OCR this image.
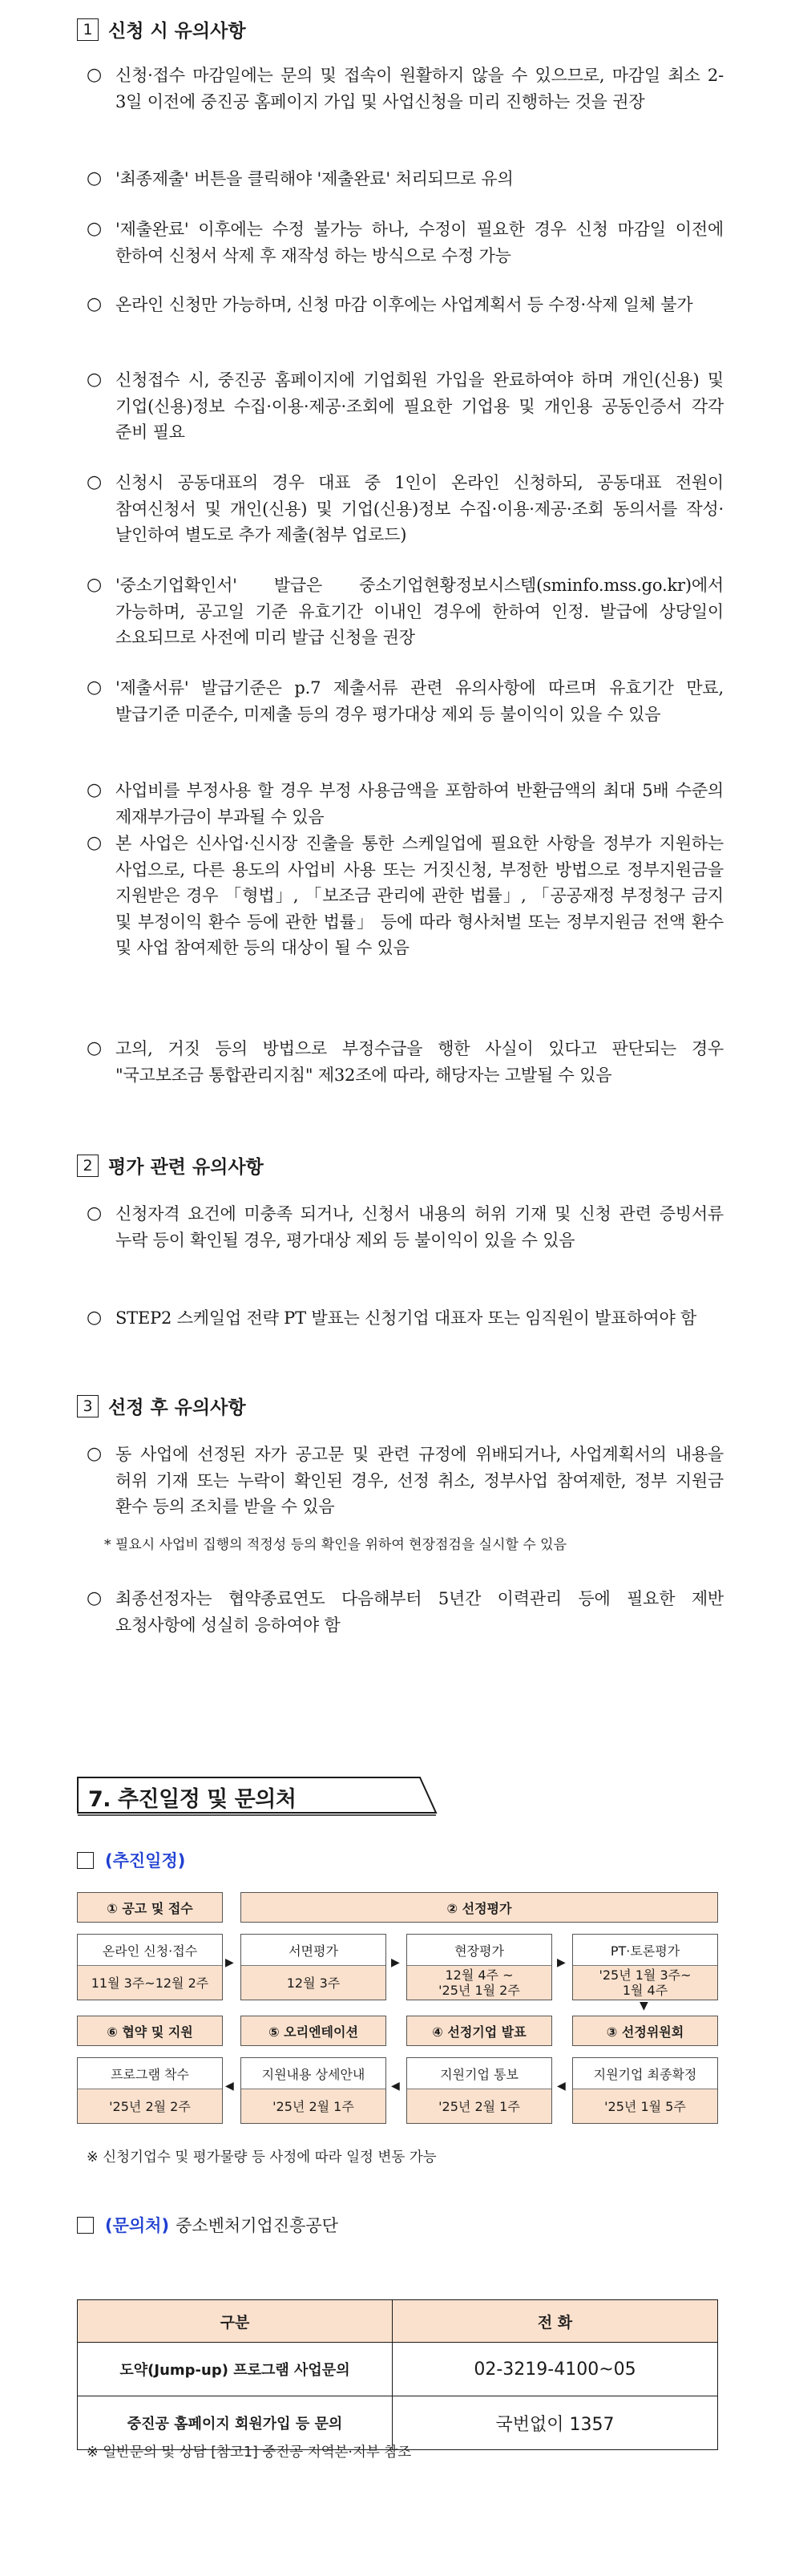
1 신청 시 유의사항
○ 신청·접수 마감일에는 문의 및 접속이 원활하지 않을 수 있으므로, 마감일 최소 2-3일 이전에 중진공 홈페이지 가입 및 사업신청을 미리 진행하는 것을 권장
○ '최종제출' 버튼을 클릭해야 '제출완료' 처리되므로 유의
○ '제출완료' 이후에는 수정 불가능 하나, 수정이 필요한 경우 신청 마감일 이전에 한하여 신청서 삭제 후 재작성 하는 방식으로 수정 가능
○ 온라인 신청만 가능하며, 신청 마감 이후에는 사업계획서 등 수정·삭제 일체 불가
○ 신청접수 시, 중진공 홈페이지에 기업회원 가입을 완료하여야 하며 개인(신용) 및 기업(신용)정보 수집·이용·제공·조회에 필요한 기업용 및 개인용 공동인증서 각각 준비 필요
○ 신청시 공동대표의 경우 대표 중 1인이 온라인 신청하되, 공동대표 전원이 참여신청서 및 개인(신용) 및 기업(신용)정보 수집·이용·제공·조회 동의서를 작성·날인하여 별도로 추가 제출(첨부 업로드)
○ '중소기업확인서' 발급은 중소기업현황정보시스템(sminfo.mss.go.kr)에서 가능하며, 공고일 기준 유효기간 이내인 경우에 한하여 인정. 발급에 상당일이 소요되므로 사전에 미리 발급 신청을 권장
○ '제출서류' 발급기준은 p.7 제출서류 관련 유의사항에 따르며 유효기간 만료, 발급기준 미준수, 미제출 등의 경우 평가대상 제외 등 불이익이 있을 수 있음
○ 사업비를 부정사용 할 경우 부정 사용금액을 포함하여 반환금액의 최대 5배 수준의 제재부가금이 부과될 수 있음
○ 본 사업은 신사업·신시장 진출을 통한 스케일업에 필요한 사항을 정부가 지원하는 사업으로, 다른 용도의 사업비 사용 또는 거짓신청, 부정한 방법으로 정부지원금을 지원받은 경우 「형법」, 「보조금 관리에 관한 법률」, 「공공재정 부정청구 금지 및 부정이익 환수 등에 관한 법률」 등에 따라 형사처벌 또는 정부지원금 전액 환수 및 사업 참여제한 등의 대상이 될 수 있음
○ 고의, 거짓 등의 방법으로 부정수급을 행한 사실이 있다고 판단되는 경우 "국고보조금 통합관리지침" 제32조에 따라, 해당자는 고발될 수 있음
2 평가 관련 유의사항
○ 신청자격 요건에 미충족 되거나, 신청서 내용의 허위 기재 및 신청 관련 증빙서류 누락 등이 확인될 경우, 평가대상 제외 등 불이익이 있을 수 있음
○ STEP2 스케일업 전략 PT 발표는 신청기업 대표자 또는 임직원이 발표하여야 함
3 선정 후 유의사항
○ 동 사업에 선정된 자가 공고문 및 관련 규정에 위배되거나, 사업계획서의 내용을 허위 기재 또는 누락이 확인된 경우, 선정 취소, 정부사업 참여제한, 정부 지원금 환수 등의 조치를 받을 수 있음
* 필요시 사업비 집행의 적정성 등의 확인을 위하여 현장점검을 실시할 수 있음
○ 최종선정자는 협약종료연도 다음해부터 5년간 이력관리 등에 필요한 제반 요청사항에 성실히 응하여야 함
7. 추진일정 및 문의처
(추진일정)
① 공고 및 접수	② 선정평가
온라인 신청·접수
11월 3주~12월 2주
서면평가
12월 3주
현장평가
12월 4주 ~
'25년 1월 2주
PT·토론평가
'25년 1월 3주~
1월 4주
▶	▶	▶
▼
⑥ 협약 및 지원	⑤ 오리엔테이션	④ 선정기업 발표	③ 선정위원회
프로그램 착수
'25년 2월 2주
지원내용 상세안내
'25년 2월 1주
지원기업 통보
'25년 2월 1주
지원기업 최종확정
'25년 1월 5주
◀	◀	◀
※ 신청기업수 및 평가물량 등 사정에 따라 일정 변동 가능
(문의처) 중소벤처기업진흥공단
구분	전 화
도약(Jump-up) 프로그램 사업문의	02-3219-4100~05
중진공 홈페이지 회원가입 등 문의	국번없이 1357
※ 일반문의 및 상담 [참고1] 중진공 지역본·지부 참조
